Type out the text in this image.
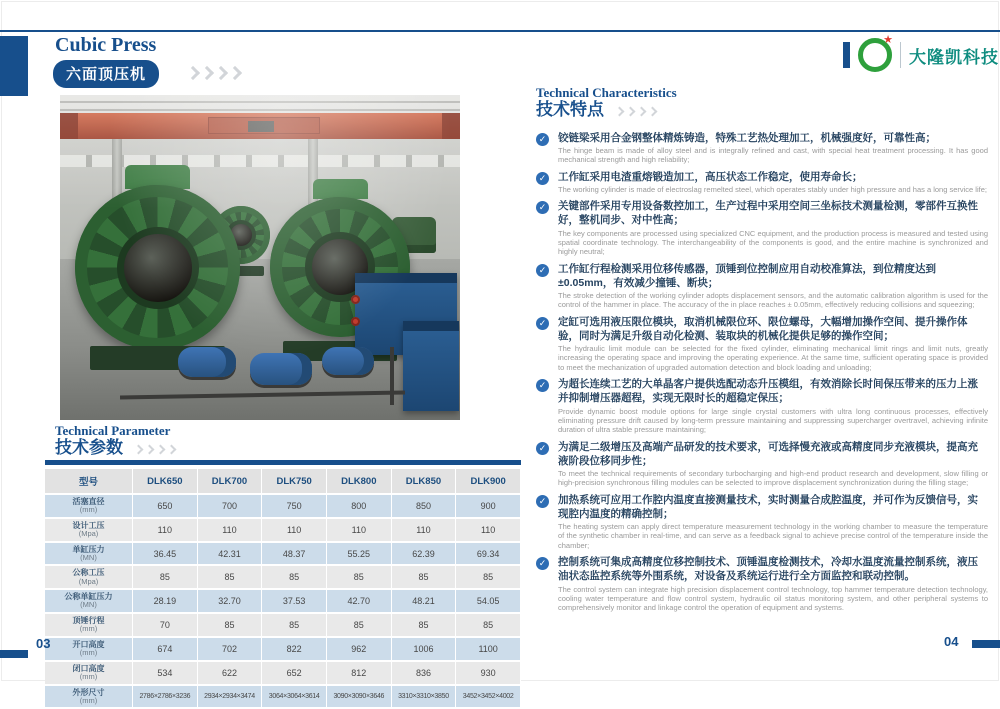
Cubic Press
六面顶压机
★
大隆凯科技
Technical Characteristics
技术特点
✓ 铰链梁采用合金钢整体精炼铸造，特殊工艺热处理加工，机械强度好，可靠性高；
The hinge beam is made of alloy steel and is integrally refined and cast, with special heat treatment processing. It has good mechanical strength and high reliability;
✓ 工作缸采用电渣重熔锻造加工，高压状态工作稳定，使用寿命长；
The working cylinder is made of electroslag remelted steel, which operates stably under high pressure and has a long service life;
✓ 关键部件采用专用设备数控加工，生产过程中采用空间三坐标技术测量检测，零部件互换性好，整机同步、对中性高；
The key components are processed using specialized CNC equipment, and the production process is measured and tested using spatial coordinate technology. The interchangeability of the components is good, and the entire machine is synchronized and highly neutral;
✓ 工作缸行程检测采用位移传感器，顶锤到位控制应用自动校准算法，到位精度达到±0.05mm，有效减少撞锤、断块；
The stroke detection of the working cylinder adopts displacement sensors, and the automatic calibration algorithm is used for the control of the hammer in place. The accuracy of the in place reaches ± 0.05mm, effectively reducing collisions and squeezing;
✓ 定缸可选用液压限位模块，取消机械限位环、限位螺母，大幅增加操作空间、提升操作体验，同时为满足升级自动化检测、装取块的机械化提供足够的操作空间；
The hydraulic limit module can be selected for the fixed cylinder, eliminating mechanical limit rings and limit nuts, greatly increasing the operating space and improving the operating experience. At the same time, sufficient operating space is provided to meet the mechanization of upgraded automation detection and block loading and unloading;
✓ 为超长连续工艺的大单晶客户提供选配动态升压模组，有效消除长时间保压带来的压力上涨并抑制增压器超程，实现无限时长的超稳定保压；
Provide dynamic boost module options for large single crystal customers with ultra long continuous processes, effectively eliminating pressure drift caused by long-term pressure maintaining and suppressing supercharger overtravel, achieving infinite duration of ultra stable pressure maintaining;
✓ 为满足二级增压及高端产品研发的技术要求，可选择慢充液或高精度同步充液模块，提高充液阶段位移同步性；
To meet the technical requirements of secondary turbocharging and high-end product research and development, slow filling or high-precision synchronous filling modules can be selected to improve displacement synchronization during the filling stage;
✓ 加热系统可应用工作腔内温度直接测量技术，实时测量合成腔温度，并可作为反馈信号，实现腔内温度的精确控制；
The heating system can apply direct temperature measurement technology in the working chamber to measure the temperature of the synthetic chamber in real-time, and can serve as a feedback signal to achieve precise control of the temperature inside the chamber;
✓ 控制系统可集成高精度位移控制技术、顶锤温度检测技术，冷却水温度流量控制系统，液压油状态监控系统等外围系统，对设备及系统运行进行全方面监控和联动控制。
The control system can integrate high precision displacement control technology, top hammer temperature detection technology, cooling water temperature and flow control system, hydraulic oil status monitoring system, and other peripheral systems to comprehensively monitor and linkage control the operation of equipment and systems.
Technical Parameter
技术参数
型号	DLK650	DLK700	DLK750	DLK800	DLK850	DLK900
活塞直径
(mm)	650	700	750	800	850	900
设计工压
(Mpa)	110	110	110	110	110	110
单缸压力
(MN)	36.45	42.31	48.37	55.25	62.39	69.34
公称工压
(Mpa)	85	85	85	85	85	85
公称单缸压力
(MN)	28.19	32.70	37.53	42.70	48.21	54.05
顶锤行程
(mm)	70	85	85	85	85	85
开口高度
(mm)	674	702	822	962	1006	1100
闭口高度
(mm)	534	622	652	812	836	930
外形尺寸
(mm)	2786×2786×3236	2934×2934×3474	3064×3064×3614	3090×3090×3646	3310×3310×3850	3452×3452×4002
03	04
